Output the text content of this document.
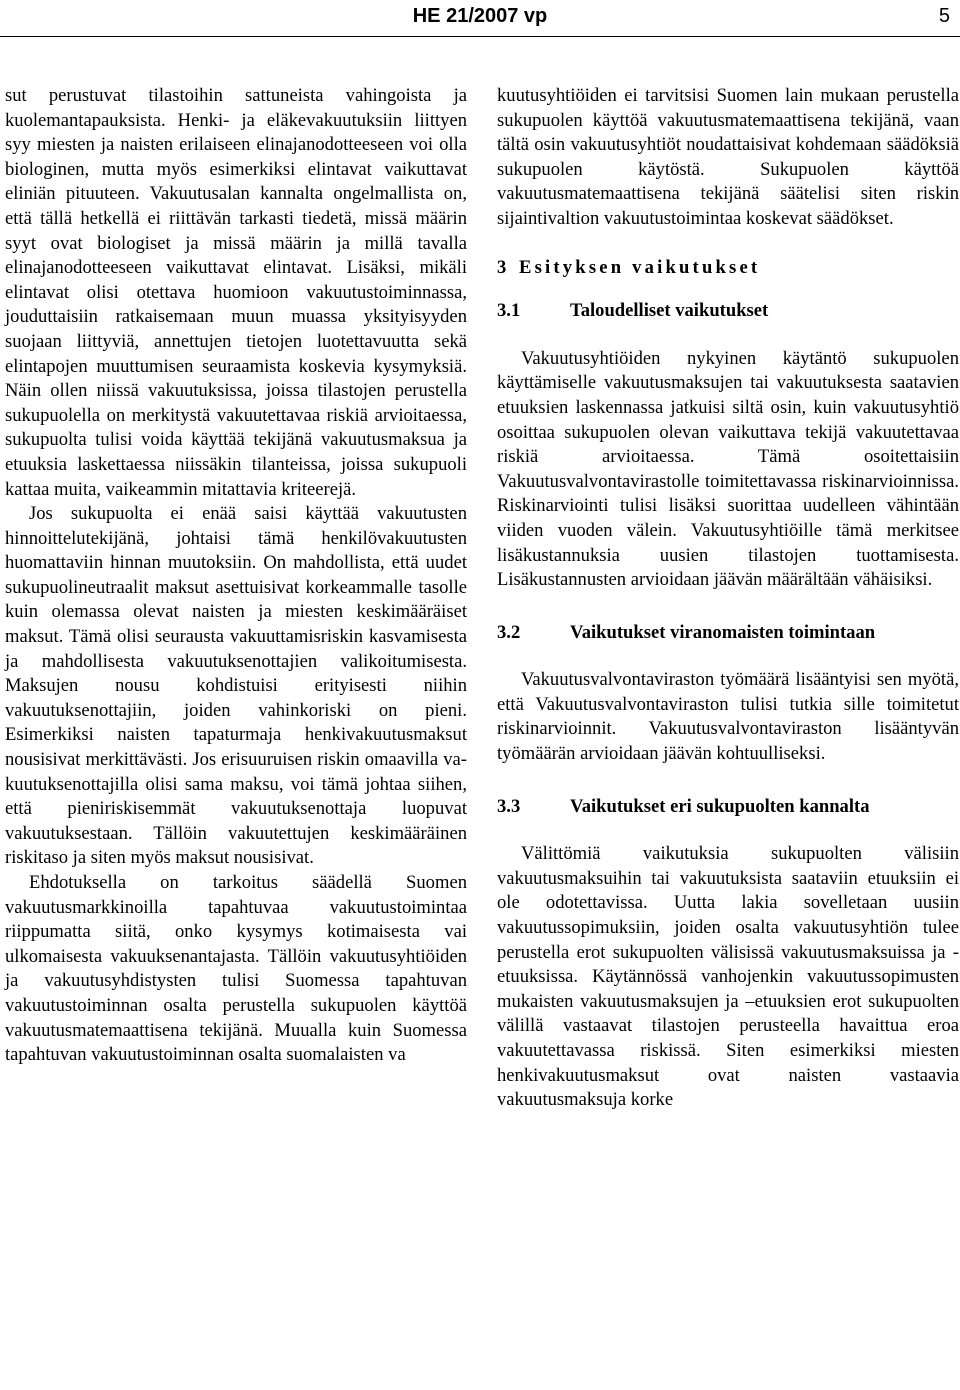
HE 21/2007 vp	5

sut perustuvat tilastoihin sattuneista vahingoista ja kuolemantapauksista. Henki- ja eläkevakuutuksiin liittyen syy miesten ja naisten erilaiseen elinajanodotteeseen voi olla biologinen, mutta myös esimerkiksi elintavat vaikuttavat eliniän pituuteen. Vakuutusalan kannalta ongelmallista on, että tällä hetkellä ei riittävän tarkasti tiedetä, missä määrin syyt ovat biologiset ja missä määrin ja millä tavalla elinajanodotteeseen vaikuttavat elintavat. Lisäksi, mikäli elintavat olisi otettava huomioon vakuutustoiminnassa, jouduttaisiin ratkaisemaan muun muassa yksityisyyden suojaan liittyviä, annettujen tietojen luotettavuutta sekä elintapojen muuttumisen seuraamista koskevia kysymyksiä. Näin ollen niissä vakuutuksissa, joissa tilastojen perustella sukupuolella on merkitystä vakuutettavaa riskiä arvioitaessa, sukupuolta tulisi voida käyttää tekijänä vakuutusmaksua ja etuuksia laskettaessa niissäkin tilanteissa, joissa sukupuoli kattaa muita, vaikeammin mitattavia kriteerejä.

Jos sukupuolta ei enää saisi käyttää vakuutusten hinnoittelutekijänä, johtaisi tämä henkilövakuutusten huomattaviin hinnan muutoksiin. On mahdollista, että uudet sukupuolineutraalit maksut asettuisivat korkeammalle tasolle kuin olemassa olevat naisten ja miesten keskimääräiset maksut. Tämä olisi seurausta vakuuttamisriskin kasvamisesta ja mahdollisesta vakuutuksenottajien valikoitumisesta. Maksujen nousu kohdistuisi erityisesti niihin vakuutuksenottajiin, joiden vahinkoriski on pieni. Esimerkiksi naisten tapaturmaja henkivakuutusmaksut nousisivat merkittävästi. Jos erisuuruisen riskin omaavilla vakuutuksenottajilla olisi sama maksu, voi tämä johtaa siihen, että pieniriskisemmät vakuutuksenottaja luopuvat vakuutuksestaan. Tällöin vakuutettujen keskimääräinen riskitaso ja siten myös maksut nousisivat.

Ehdotuksella on tarkoitus säädellä Suomen vakuutusmarkkinoilla tapahtuvaa vakuutustoimintaa riippumatta siitä, onko kysymys kotimaisesta vai ulkomaisesta vakuuksenantajasta. Tällöin vakuutusyhtiöiden ja vakuutusyhdistysten tulisi Suomessa tapahtuvan vakuutustoiminnan osalta perustella sukupuolen käyttöä vakuutusmatemaattisena tekijänä. Muualla kuin Suomessa tapahtuvan vakuutustoiminnan osalta suomalaisten va

kuutusyhtiöiden ei tarvitsisi Suomen lain mukaan perustella sukupuolen käyttöä vakuutusmatemaattisena tekijänä, vaan tältä osin vakuutusyhtiöt noudattaisivat kohdemaan säädöksiä sukupuolen käytöstä. Sukupuolen käyttöä vakuutusmatemaattisena tekijänä säätelisi siten riskin sijaintivaltion vakuutustoimintaa koskevat säädökset.

3 Esityksen vaikutukset
3.1	Taloudelliset vaikutukset

Vakuutusyhtiöiden nykyinen käytäntö sukupuolen käyttämiselle vakuutusmaksujen tai vakuutuksesta saatavien etuuksien laskennassa jatkuisi siltä osin, kuin vakuutusyhtiö osoittaa sukupuolen olevan vaikuttava tekijä vakuutettavaa riskiä arvioitaessa. Tämä osoitettaisiin Vakuutusvalvontavirastolle toimitettavassa riskinarvioinnissa. Riskinarviointi tulisi lisäksi suorittaa uudelleen vähintään viiden vuoden välein. Vakuutusyhtiöille tämä merkitsee lisäkustannuksia uusien tilastojen tuottamisesta. Lisäkustannusten arvioidaan jäävän määrältään vähäisiksi.

3.2	Vaikutukset viranomaisten toimintaan

Vakuutusvalvontaviraston työmäärä lisääntyisi sen myötä, että Vakuutusvalvontaviraston tulisi tutkia sille toimitetut riskinarvioinnit. Vakuutusvalvontaviraston lisääntyvän työmäärän arvioidaan jäävän kohtuulliseksi.

3.3	Vaikutukset eri sukupuolten kannalta

Välittömiä vaikutuksia sukupuolten välisiin vakuutusmaksuihin tai vakuutuksista saataviin etuuksiin ei ole odotettavissa. Uutta lakia sovelletaan uusiin vakuutussopimuksiin, joiden osalta vakuutusyhtiön tulee perustella erot sukupuolten välisissä vakuutusmaksuissa ja -etuuksissa. Käytännössä vanhojenkin vakuutussopimusten mukaisten vakuutusmaksujen ja –etuuksien erot sukupuolten välillä vastaavat tilastojen perusteella havaittua eroa vakuutettavassa riskissä. Siten esimerkiksi miesten henkivakuutusmaksut ovat naisten vastaavia vakuutusmaksuja korke
